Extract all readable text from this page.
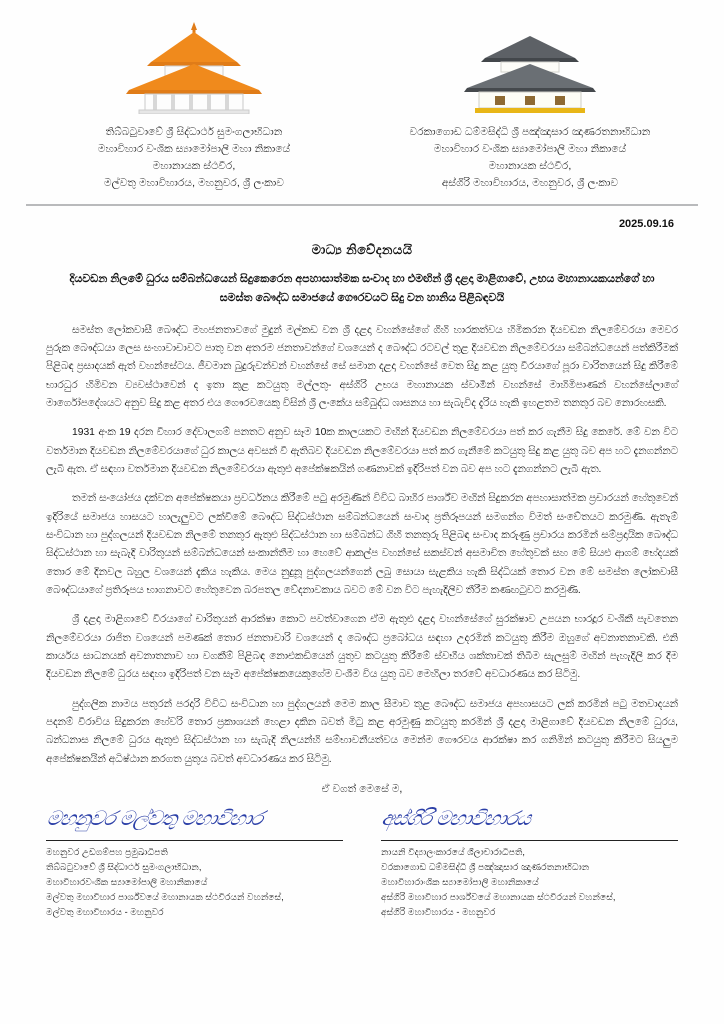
තිබ්බටුවාවේ ශ්‍රී සිද්ධාර්ථ සුමංගලාභිධාන
මහාවිහාර වංශික ස්‍යාමෝපාලි මහා නිකායේ
මහානායක ස්ථවීර,
මල්වතු මහාවිහාරය, මහනුවර, ශ්‍රී ලංකාව
වරකාගොඩ ධම්මසිද්ධි ශ්‍රී පඤ්ඤාසාර ඤාණරතනාභිධාන
මහාවිහාර වංශික ස්‍යාමෝපාලි මහා නිකායේ
මහානායක ස්ථවීර,
අස්ගිරි මහාවිහාරය, මහනුවර, ශ්‍රී ලංකාව
2025.09.16
මාධ්‍ය නිවේදනයයි
දියවඩන නිලමේ ධුරය සම්බන්ධයෙන් සිදුකෙරෙන අපහාසාත්මක සංවාද හා එමඟින් ශ්‍රී දළදා මාළිගාවේ, උභය මහානායකයන්ගේ හා සමස්ත බෞද්ධ සමාජයේ ගෞරවයට සිදු වන හානිය පිළිබඳවයි

සමස්ත ලෝකවාසී බෞද්ධ මහජනතාවගේ මුදුන් මල්කඩ වන ශ්‍රී දළදා වහන්සේගේ ගිහි හාරකත්වය හිමිකරන දියවඩන නිලමේවරයා මෙවර පුරුක බෞද්ධයා ලෙස සංහාවාචාවට පාතු වන අතරම ජනතාවන්ගේ වශයෙන් ද බෞද්ධ රටවල් තුළ දියවඩන නිලමේවරයා සම්බන්ධයෙන් පත්කිරීමක් පිළිබඳ ප්‍රසාදයක් ඇත් වහන්සේටය. ජීවමාන බුදුරුවන්වන් වහන්සේ සේ සමාන දළදා වහන්සේ වෙත සිදු කළ යුතු වීරයාගේ පූරා වාරිතයෙන් සිදු කිරීමේ භාරධුර හිමිවන ව්‍යවස්ථාවෙන් ද ඉතා කුළ කටයුතු මල්ලතු- අස්ගිරි උභය මහානායක ස්වාමීන් වහන්සේ මාහිමිපාණන් වහන්සේලාගේ මාර්ගෝපදේශයට අනුව සිදු කළ අතර එය ගෞරවයෙකු විසින් ශ්‍රී ලංකේය සම්බුද්ධ ශාසනය හා සැබැවිද දැරිය හැකි ඉහළතම තනතුර බව නොරහසකි.

1931 අංක 19 දරන වීහාර දේවාලගම් පනතට අනුව සෑම 10ක කාලයකට මඟින් දියවඩන නිලමේවරයා පත් කර ගැනීම සිදු කෙරේ. මේ වන විට වර්තමාන දියවඩන නිලමේවරයාගේ ධුර කාලය අවසන් වී ඇතිබව දියවඩන නිලමේවරයා පත් කර ගැනීමේ කටයුතු සිදු කළ යුතු බව අප හට දැනගන්නට ලැබී ඇත. ඒ සඳහා වර්තමාන දියවඩන නිලමේවරයා ඇතුළු අපේක්ෂකයින් ගණනාවක් ඉදිරිපත් වන බව අප හට දැනගන්නට ලැබී ඇත.

තමන් සංයෝජය දක්වන අපේක්ෂකයා ප්‍රවර්ධනය කිරීමේ පටු අරමුණින් විවිධ බාහිර පාර්ශ්ව මඟින් සිදුකරන අපහාසාත්මක ප්‍රචාරයන් හේතුවෙන් ඉදිරියේ සමාජය හාසයට හාලැලුවට ලක්වීමේ බෞද්ධ සිද්ධස්ථාන සම්බන්ධයෙන් සංවාද ප්‍රතිරූපයන් සමගන්ග විමත් සංචේතයට කරමුණි. ඇතැම් සංවිධාන හා පුද්ගලයන් දියවඩන නිලමේ තනතුර ඇතුළු සිද්ධස්ථාන හා සම්බන්ධ ගිහි තනතුරු පිළිබඳ සංවාද කරුණු ප්‍රචාරය කරමින් සම්ප්‍රදායික බෞද්ධ සිද්ධස්ථාන හා සැබැදි වාරිතුයන් සම්බන්ධයෙන් සංකාන්තීම හා හෙවේ ආකල්ප වහන්සේ සකස්වන් අසමාචිත හේතුවක් සහ මේ සියළු ආගම් භේදයක් තොර මේ දිනවල බහුල වශයෙන් දැකිය හැකිය. මෙය නුදුනූ පුද්ගලයන්ගෙන් ලබු සොයා සැළකිය හැකි සිද්ධියක් තොර වන මේ සමස්ත ලෝකවාසී බෞද්ධයාගේ ප්‍රතිරූපය භාගනාවට හේතුවෙන බරපතල වේදනාවකාය බවට මේ වන විට පැහැදිලිව තීරීම කණඟටුවට කරමුණි.

ශ්‍රී දළදා මාළිගාවේ වීරයාගේ චාරිතුයන් ආරක්ෂා කොට පවත්වාගෙන ඒම ඇතුළු දළදා වහන්සේගේ සුරක්ෂාව උපයන භාරදූර වංශිකී පැවතෙන නිලමේවරයා රාජිත වශයෙන් පමණක් තොර ජනතාවාරි වශයෙන් ද බෞද්ධ ප්‍රබෝධය සඳහා උදරමින් කටයුතු කිරීම ඔහුගේ අවනාතනාවකි. එනි කාර්යය සාධනයක් අවනාතනාව හා වගකීම් පිළිබඳ නොඑකඩියෙන් යුතුව කටයුතු කිරීමේ ස්වභීය ශක්තාවක් තිබීම සැලසුම් මඟින් පැහැදිලි කර දීම දියවඩන නිලමේ ධුරය සඳහා ඉදිරිපත් වන සෑම අපේක්ෂකයෙකුගේම වංශීම විය යුතු බව මෙහිලා තරවේ අවධාරණය කර සිටිමු.

පුද්ගලික නාමය පතුරන් පරදාරි විවිධ සංවිධාන හා පුද්ගලයන් මෙම කාල සීමාව තුළ බෞද්ධ සමාජය අපහාසයට ලක් කරමින් පටු මතවාදයන් පදනම් වීරාවිය සිදුකරන හේවරි තොර ප්‍රකාශයන් හෙළා දකින බවත් මිටු කළ අරමුණු කටයුතු කරමින් ශ්‍රී දළදා මාළිගාවේ දියවඩන නිලමේ ධුරය, බන්ධනාස නිලමේ ධුරය ඇතුළු සිද්ධස්ථාන හා සැබැදි නිලයන්හි සම්භාවනීයත්වය මෙන්ම ගෞරවය ආරක්ෂා කර ගනිමින් කටයුතු කිරීමට සියලුම අපේක්ෂකයින් අධිෂ්ඨාන කරගත යුතුය බවත් අවධාරණය කර සිටිමු.

ඒ වගත් මෙසේ ම,
මහනුවර මල්වතු මහාවිහාර
මහනුවර උඩගම්පහ ප්‍රමුඛාධිපති
තිබ්බටුවාවේ ශ්‍රී සිද්ධාර්ථ සුමංගලාභිධාන,
මහාවිහාරවංශික ස්‍යාමෝපාලි මහානිකායේ
මල්වතු මහාවිහාර පාර්ශ්වයේ මහානායක ස්ථවිරයන් වහන්සේ,
මල්වතු මහාවිහාරය - මහනුවර
අස්ගිරි මහාවිහාරය
නායනි විද්‍යාලංකාරයේ ශීලාචාරාධිපති,
වරකාගොඩ ධම්මසිද්ධි ශ්‍රී පඤ්ඤාසාර ඤාණරතනාභිධාන
මහාවිහාරාංශික ස්‍යාමෝපාලි මහානිකායේ
අස්ගිරි මහාවිහාර පාර්ශ්වයේ මහානායක ස්ථවිරයන් වහන්සේ,
අස්ගිරි මහාවිහාරය - මහනුවර
